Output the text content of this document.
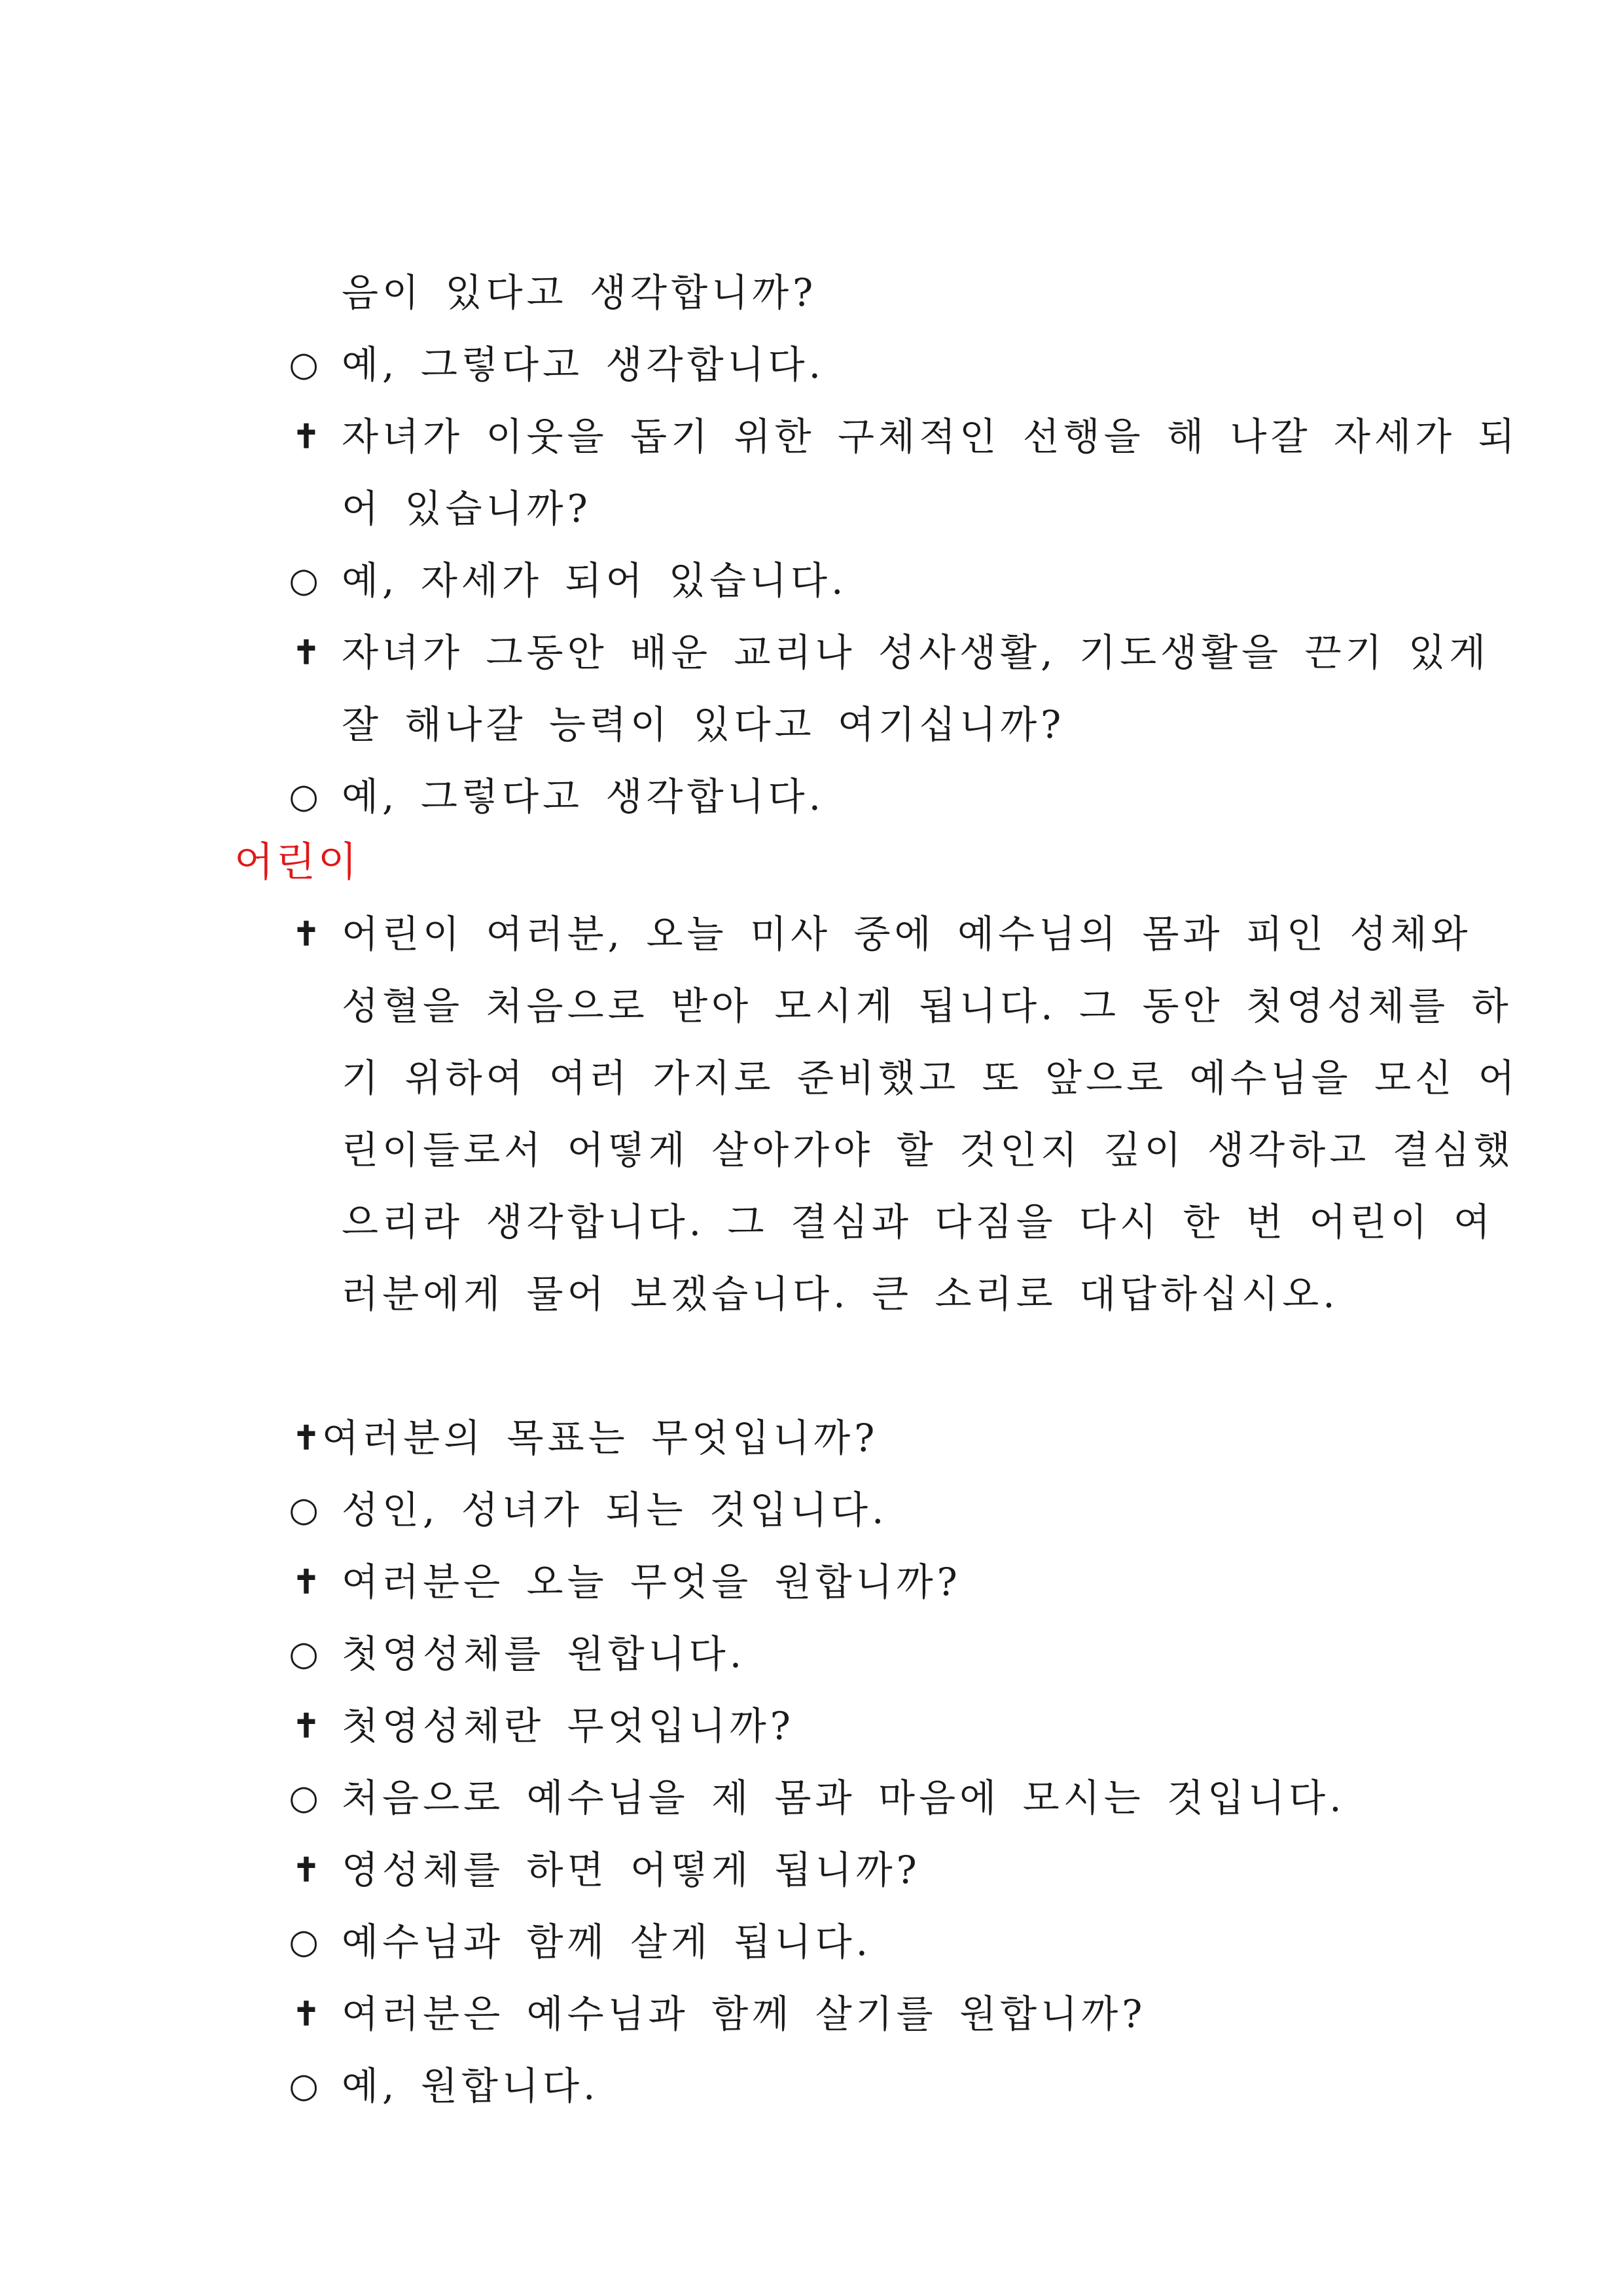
음이 있다고 생각합니까?
○ 예, 그렇다고 생각합니다.
✝ 자녀가 이웃을 돕기 위한 구체적인 선행을 해 나갈 자세가 되
어 있습니까?
○ 예, 자세가 되어 있습니다.
✝ 자녀가 그동안 배운 교리나 성사생활, 기도생활을 끈기 있게
잘 해나갈 능력이 있다고 여기십니까?
○ 예, 그렇다고 생각합니다.
어린이
✝ 어린이 여러분, 오늘 미사 중에 예수님의 몸과 피인 성체와
성혈을 처음으로 받아 모시게 됩니다. 그 동안 첫영성체를 하
기 위하여 여러 가지로 준비했고 또 앞으로 예수님을 모신 어
린이들로서 어떻게 살아가야 할 것인지 깊이 생각하고 결심했
으리라 생각합니다. 그 결심과 다짐을 다시 한 번 어린이 여
러분에게 물어 보겠습니다. 큰 소리로 대답하십시오.
✝ 여러분의 목표는 무엇입니까?
○ 성인, 성녀가 되는 것입니다.
✝ 여러분은 오늘 무엇을 원합니까?
○ 첫영성체를 원합니다.
✝ 첫영성체란 무엇입니까?
○ 처음으로 예수님을 제 몸과 마음에 모시는 것입니다.
✝ 영성체를 하면 어떻게 됩니까?
○ 예수님과 함께 살게 됩니다.
✝ 여러분은 예수님과 함께 살기를 원합니까?
○ 예, 원합니다.
